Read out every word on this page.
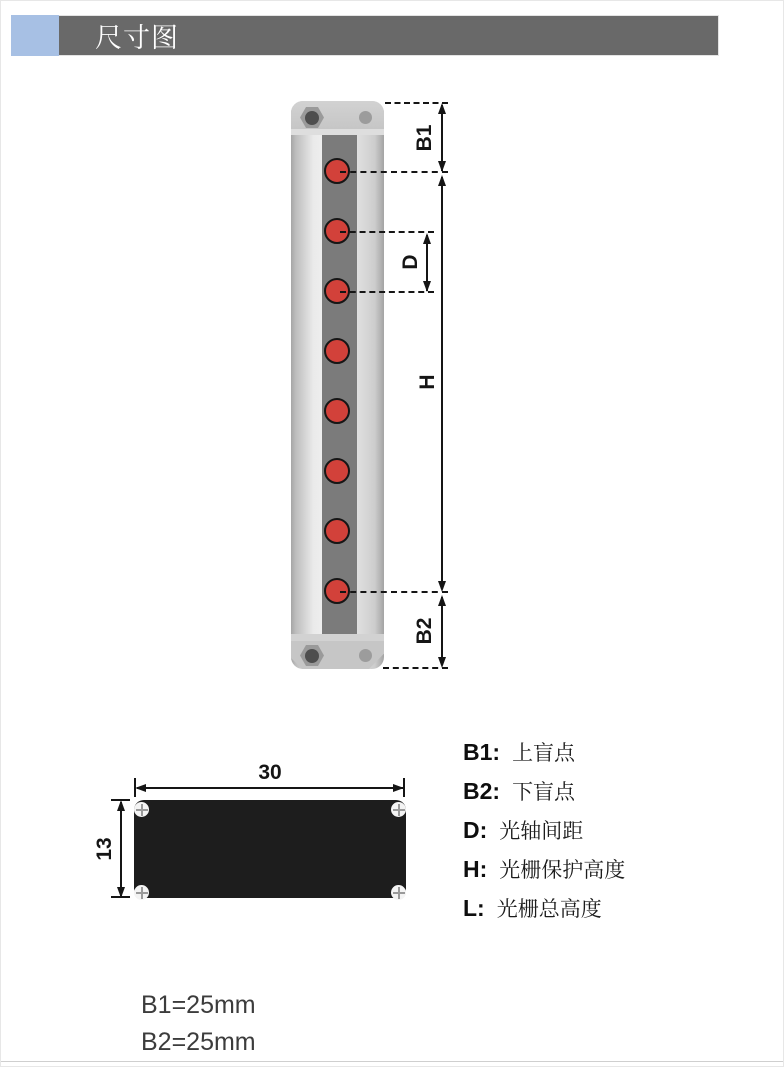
尺寸图
B1
D
H
B2
30
13
B1: 上盲点
B2: 下盲点
D: 光轴间距
H: 光栅保护高度
L: 光栅总高度
B1=25mm
B2=25mm
